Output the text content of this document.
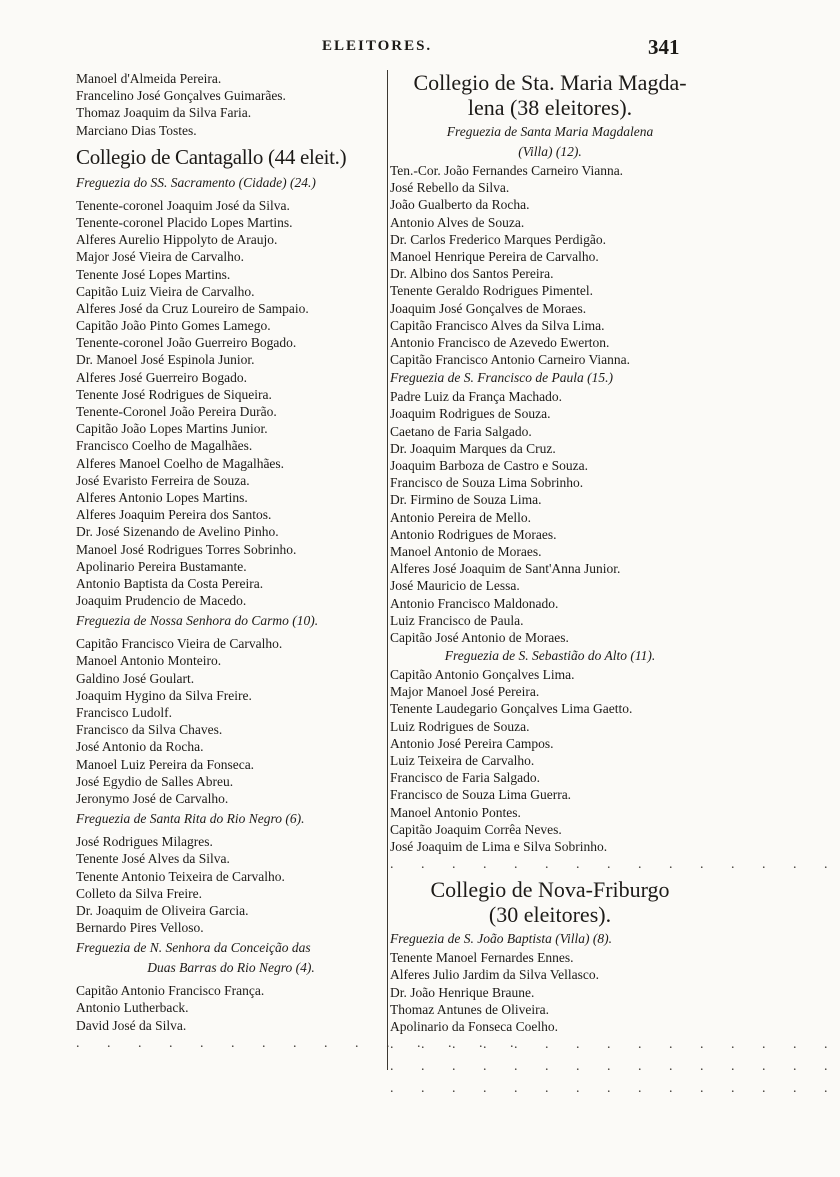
ELEITORES.	341
Manoel d'Almeida Pereira.
Francelino José Gonçalves Guimarães.
Thomaz Joaquim da Silva Faria.
Marciano Dias Tostes.
Collegio de Cantagallo (44 eleit.)
Freguezia do SS. Sacramento (Cidade) (24.)
Tenente-coronel Joaquim José da Silva.
Tenente-coronel Placido Lopes Martins.
Alferes Aurelio Hippolyto de Araujo.
Major José Vieira de Carvalho.
Tenente José Lopes Martins.
Capitão Luiz Vieira de Carvalho.
Alferes José da Cruz Loureiro de Sampaio.
Capitão João Pinto Gomes Lamego.
Tenente-coronel João Guerreiro Bogado.
Dr. Manoel José Espinola Junior.
Alferes José Guerreiro Bogado.
Tenente José Rodrigues de Siqueira.
Tenente-Coronel João Pereira Durão.
Capitão João Lopes Martins Junior.
Francisco Coelho de Magalhães.
Alferes Manoel Coelho de Magalhães.
José Evaristo Ferreira de Souza.
Alferes Antonio Lopes Martins.
Alferes Joaquim Pereira dos Santos.
Dr. José Sizenando de Avelino Pinho.
Manoel José Rodrigues Torres Sobrinho.
Apolinario Pereira Bustamante.
Antonio Baptista da Costa Pereira.
Joaquim Prudencio de Macedo.
Freguezia de Nossa Senhora do Carmo (10).
Capitão Francisco Vieira de Carvalho.
Manoel Antonio Monteiro.
Galdino José Goulart.
Joaquim Hygino da Silva Freire.
Francisco Ludolf.
Francisco da Silva Chaves.
José Antonio da Rocha.
Manoel Luiz Pereira da Fonseca.
José Egydio de Salles Abreu.
Jeronymo José de Carvalho.
Freguezia de Santa Rita do Rio Negro (6).
José Rodrigues Milagres.
Tenente José Alves da Silva.
Tenente Antonio Teixeira de Carvalho.
Colleto da Silva Freire.
Dr. Joaquim de Oliveira Garcia.
Bernardo Pires Velloso.
Freguezia de N. Senhora da Conceição das
Duas Barras do Rio Negro (4).
Capitão Antonio Francisco França.
Antonio Lutherback.
David José da Silva.
. . . . . . . . . . . . . . .
Collegio de Sta. Maria Magda-
lena (38 eleitores).
Freguezia de Santa Maria Magdalena
(Villa) (12).
Ten.-Cor. João Fernandes Carneiro Vianna.
José Rebello da Silva.
João Gualberto da Rocha.
Antonio Alves de Souza.
Dr. Carlos Frederico Marques Perdigão.
Manoel Henrique Pereira de Carvalho.
Dr. Albino dos Santos Pereira.
Tenente Geraldo Rodrigues Pimentel.
Joaquim José Gonçalves de Moraes.
Capitão Francisco Alves da Silva Lima.
Antonio Francisco de Azevedo Ewerton.
Capitão Francisco Antonio Carneiro Vianna.
Freguezia de S. Francisco de Paula (15.)
Padre Luiz da França Machado.
Joaquim Rodrigues de Souza.
Caetano de Faria Salgado.
Dr. Joaquim Marques da Cruz.
Joaquim Barboza de Castro e Souza.
Francisco de Souza Lima Sobrinho.
Dr. Firmino de Souza Lima.
Antonio Pereira de Mello.
Antonio Rodrigues de Moraes.
Manoel Antonio de Moraes.
Alferes José Joaquim de Sant'Anna Junior.
José Mauricio de Lessa.
Antonio Francisco Maldonado.
Luiz Francisco de Paula.
Capitão José Antonio de Moraes.
Freguezia de S. Sebastião do Alto (11).
Capitão Antonio Gonçalves Lima.
Major Manoel José Pereira.
Tenente Laudegario Gonçalves Lima Gaetto.
Luiz Rodrigues de Souza.
Antonio José Pereira Campos.
Luiz Teixeira de Carvalho.
Francisco de Faria Salgado.
Francisco de Souza Lima Guerra.
Manoel Antonio Pontes.
Capitão Joaquim Corrêa Neves.
José Joaquim de Lima e Silva Sobrinho.
. . . . . . . . . . . . . . .
Collegio de Nova-Friburgo
(30 eleitores).
Freguezia de S. João Baptista (Villa) (8).
Tenente Manoel Fernardes Ennes.
Alferes Julio Jardim da Silva Vellasco.
Dr. João Henrique Braune.
Thomaz Antunes de Oliveira.
Apolinario da Fonseca Coelho.
. . . . . . . . . . . . . . .
. . . . . . . . . . . . . . .
. . . . . . . . . . . . . . .
